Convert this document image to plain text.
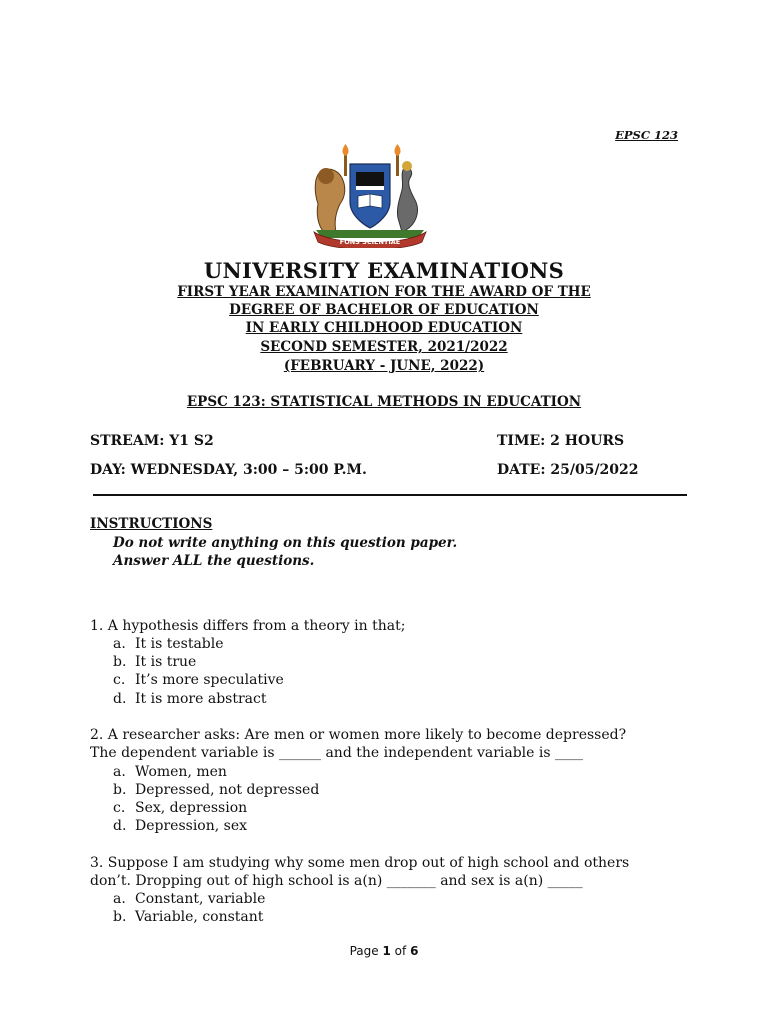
EPSC 123
FONS SCIENTIAE
UNIVERSITY EXAMINATIONS
FIRST YEAR EXAMINATION FOR THE AWARD OF THE
DEGREE OF BACHELOR OF EDUCATION
IN EARLY CHILDHOOD EDUCATION
SECOND SEMESTER, 2021/2022
(FEBRUARY - JUNE, 2022)
EPSC 123: STATISTICAL METHODS IN EDUCATION
STREAM: Y1 S2	TIME: 2 HOURS
DAY: WEDNESDAY, 3:00 – 5:00 P.M.	DATE: 25/05/2022
INSTRUCTIONS
Do not write anything on this question paper.
Answer ALL the questions.
1. A hypothesis differs from a theory in that;
a. It is testable
b. It is true
c. It’s more speculative
d. It is more abstract
2. A researcher asks: Are men or women more likely to become depressed?
The dependent variable is ______ and the independent variable is ____
a. Women, men
b. Depressed, not depressed
c. Sex, depression
d. Depression, sex
3. Suppose I am studying why some men drop out of high school and others
don’t. Dropping out of high school is a(n) _______ and sex is a(n) _____
a. Constant, variable
b. Variable, constant
Page 1 of 6
